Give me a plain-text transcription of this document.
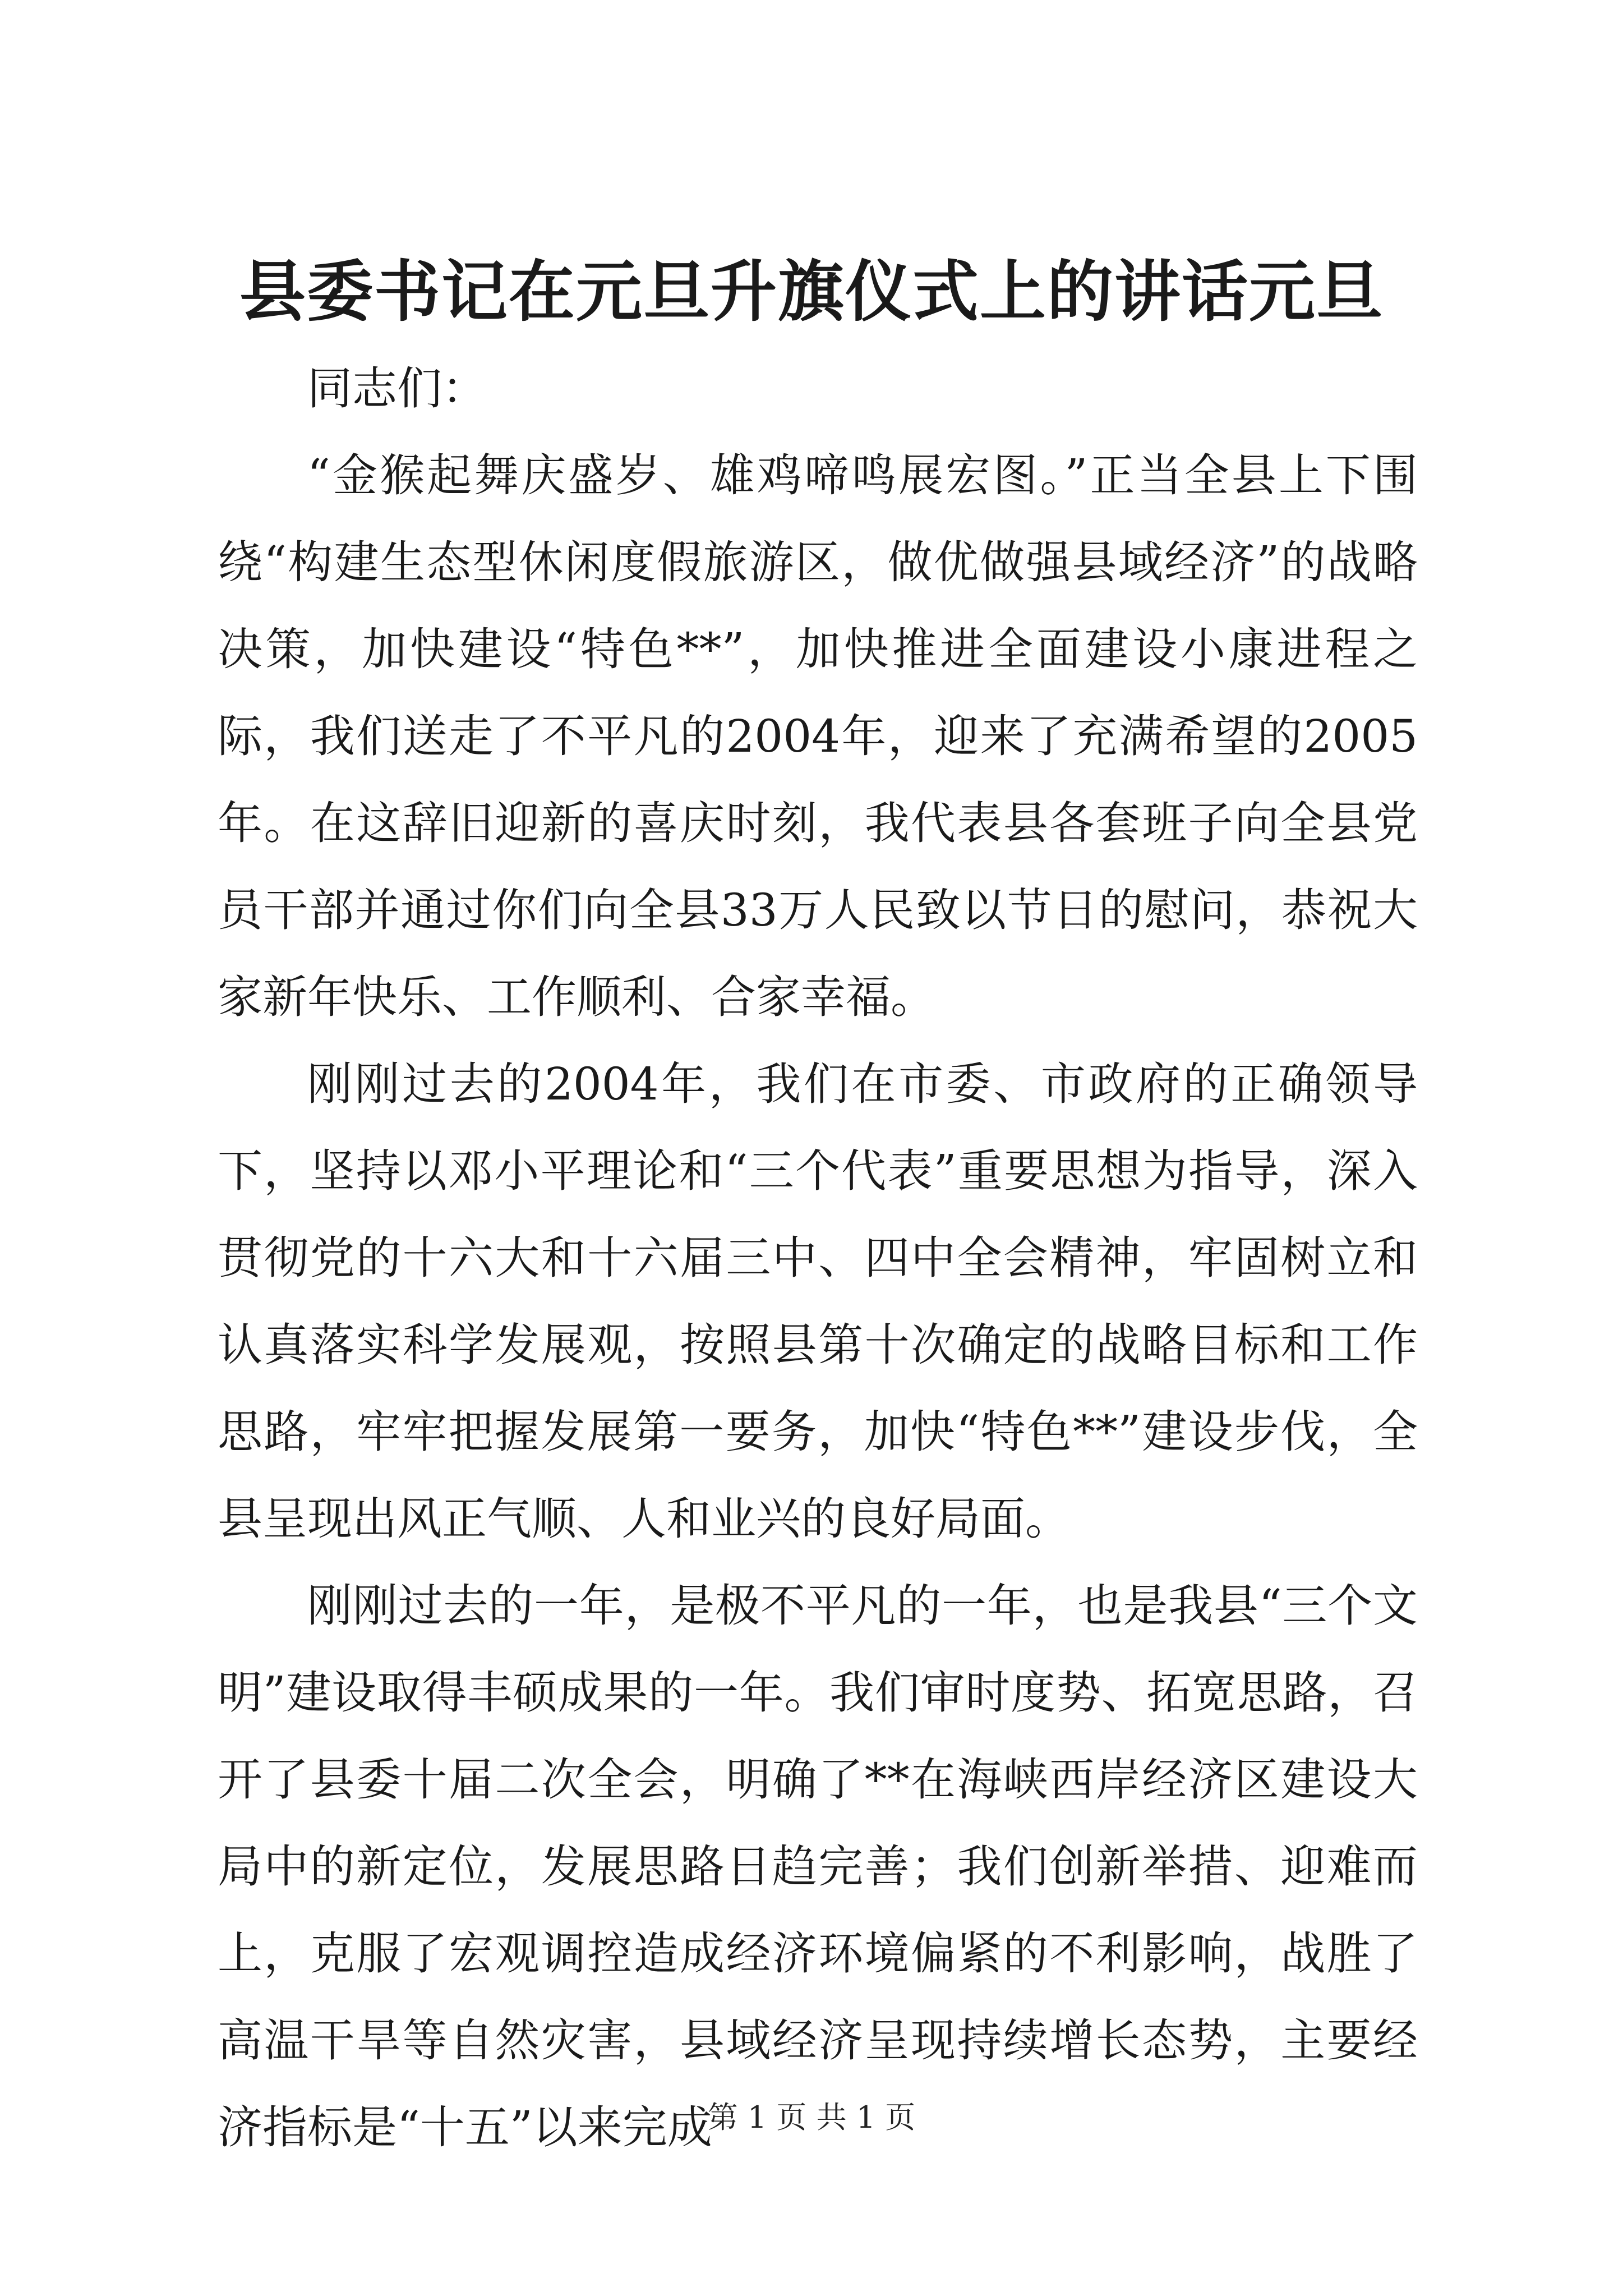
县委书记在元旦升旗仪式上的讲话元旦

同志们：

“金猴起舞庆盛岁、雄鸡啼鸣展宏图。”正当全县上下围绕“构建生态型休闲度假旅游区，做优做强县域经济”的战略决策，加快建设“特色**”，加快推进全面建设小康进程之际，我们送走了不平凡的2004年，迎来了充满希望的2005年。在这辞旧迎新的喜庆时刻，我代表县各套班子向全县党员干部并通过你们向全县33万人民致以节日的慰问，恭祝大家新年快乐、工作顺利、合家幸福。

刚刚过去的2004年，我们在市委、市政府的正确领导下，坚持以邓小平理论和“三个代表”重要思想为指导，深入贯彻党的十六大和十六届三中、四中全会精神，牢固树立和认真落实科学发展观，按照县第十次确定的战略目标和工作思路，牢牢把握发展第一要务，加快“特色**”建设步伐，全县呈现出风正气顺、人和业兴的良好局面。

刚刚过去的一年，是极不平凡的一年，也是我县“三个文明”建设取得丰硕成果的一年。我们审时度势、拓宽思路，召开了县委十届二次全会，明确了**在海峡西岸经济区建设大局中的新定位，发展思路日趋完善；我们创新举措、迎难而上，克服了宏观调控造成经济环境偏紧的不利影响，战胜了高温干旱等自然灾害，县域经济呈现持续增长态势，主要经济指标是“十五”以来完成

第 1 页 共 1 页
